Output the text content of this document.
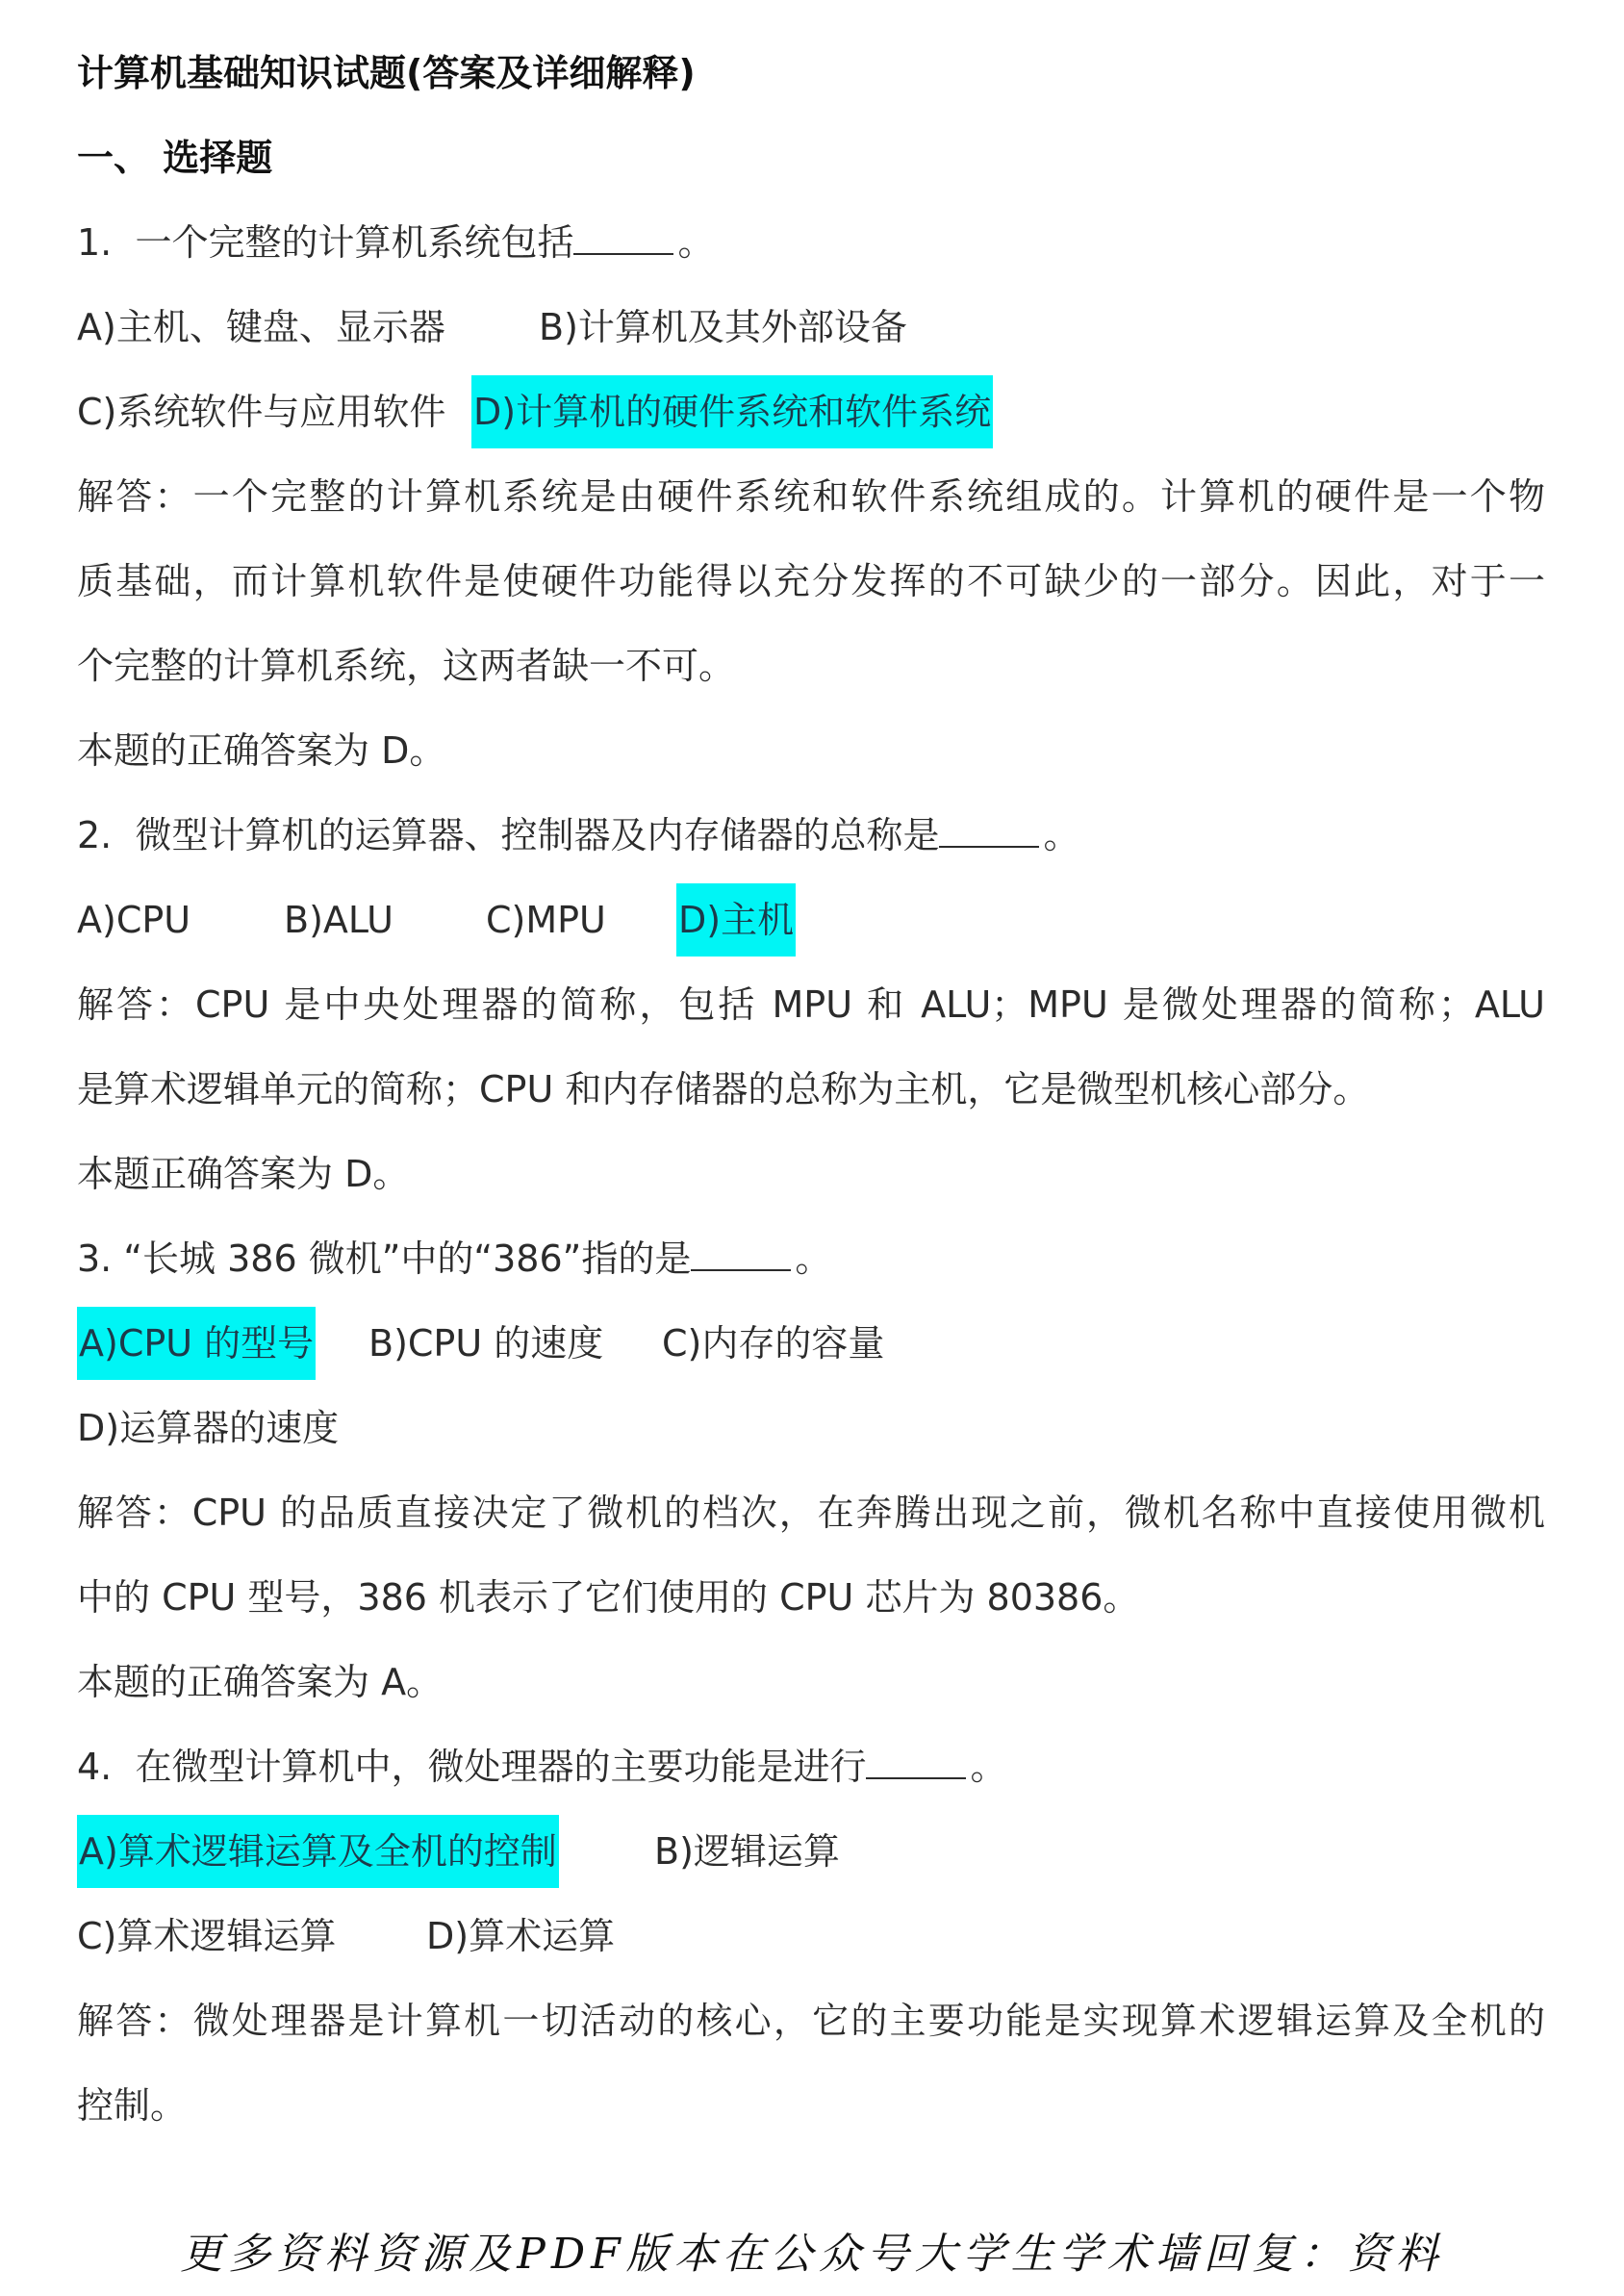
计算机基础知识试题(答案及详细解释)
一、 选择题
1. 一个完整的计算机系统包括	。
A)主机、键盘、显示器	B)计算机及其外部设备
C)系统软件与应用软件 D)计算机的硬件系统和软件系统
解答：一个完整的计算机系统是由硬件系统和软件系统组成的。计算机的硬件是一个物
质基础，而计算机软件是使硬件功能得以充分发挥的不可缺少的一部分。因此，对于一
个完整的计算机系统，这两者缺一不可。
本题的正确答案为 D。
2. 微型计算机的运算器、控制器及内存储器的总称是	。
A)CPU	B)ALU	C)MPU D)主机
解答：CPU 是中央处理器的简称，包括 MPU 和 ALU；MPU 是微处理器的简称；ALU
是算术逻辑单元的简称；CPU 和内存储器的总称为主机，它是微型机核心部分。
本题正确答案为 D。
3. “长城 386 微机”中的“386”指的是	。
A)CPU 的型号 B)CPU 的速度 C)内存的容量
D)运算器的速度
解答：CPU 的品质直接决定了微机的档次，在奔腾出现之前，微机名称中直接使用微机
中的 CPU 型号，386 机表示了它们使用的 CPU 芯片为 80386。
本题的正确答案为 A。
4. 在微型计算机中，微处理器的主要功能是进行	。
A)算术逻辑运算及全机的控制	B)逻辑运算
C)算术逻辑运算 D)算术运算
解答：微处理器是计算机一切活动的核心，它的主要功能是实现算术逻辑运算及全机的
控制。
更多资料资源及PDF版本在公众号大学生学术墙回复：资料
